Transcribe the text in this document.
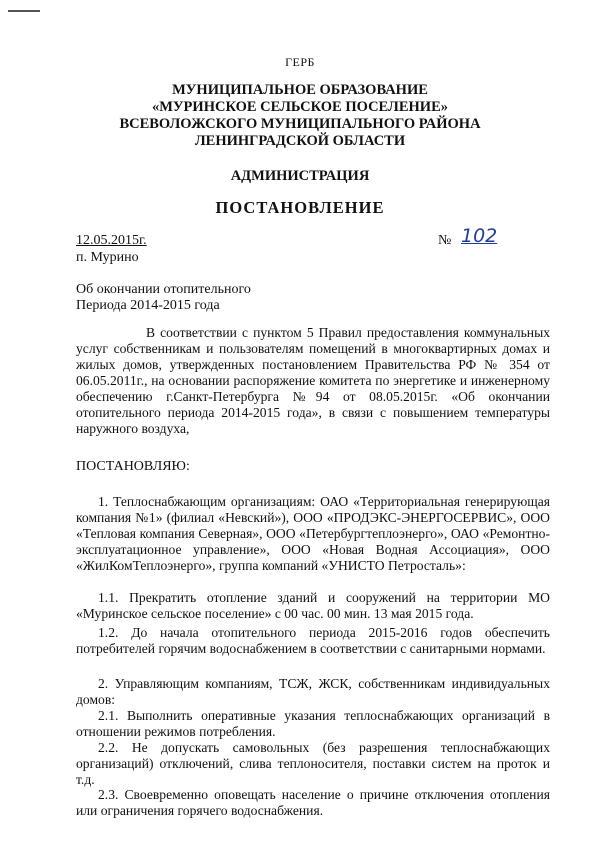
ГЕРБ
МУНИЦИПАЛЬНОЕ ОБРАЗОВАНИЕ
«МУРИНСКОЕ СЕЛЬСКОЕ ПОСЕЛЕНИЕ»
ВСЕВОЛОЖСКОГО МУНИЦИПАЛЬНОГО РАЙОНА
ЛЕНИНГРАДСКОЙ ОБЛАСТИ
АДМИНИСТРАЦИЯ
ПОСТАНОВЛЕНИЕ
12.05.2015г.	№ 102
п. Мурино
Об окончании отопительного
Периода 2014-2015 года
В соответствии с пунктом 5 Правил предоставления коммунальных услуг собственникам и пользователям помещений в многоквартирных домах и жилых домов, утвержденных постановлением Правительства РФ № 354 от 06.05.2011г., на основании распоряжение комитета по энергетике и инженерному обеспечению г.Санкт-Петербурга №94 от 08.05.2015г. «Об окончании отопительного периода 2014-2015 года», в связи с повышением температуры наружного воздуха,
ПОСТАНОВЛЯЮ:
1. Теплоснабжающим организациям: ОАО «Территориальная генерирующая компания №1» (филиал «Невский»), ООО «ПРОДЭКС-ЭНЕРГОСЕРВИС», ООО «Тепловая компания Северная», ООО «Петербургтеплоэнерго», ОАО «Ремонтно-эксплуатационное управление», ООО «Новая Водная Ассоциация», ООО «ЖилКомТеплоэнерго», группа компаний «УНИСТО Петросталь»:
1.1. Прекратить отопление зданий и сооружений на территории МО «Муринское сельское поселение» с 00 час. 00 мин. 13 мая 2015 года.
1.2. До начала отопительного периода 2015-2016 годов обеспечить потребителей горячим водоснабжением в соответствии с санитарными нормами.
2. Управляющим компаниям, ТСЖ, ЖСК, собственникам индивидуальных домов:
2.1. Выполнить оперативные указания теплоснабжающих организаций в отношении режимов потребления.
2.2. Не допускать самовольных (без разрешения теплоснабжающих организаций) отключений, слива теплоносителя, поставки систем на проток и т.д.
2.3. Своевременно оповещать население о причине отключения отопления или ограничения горячего водоснабжения.
